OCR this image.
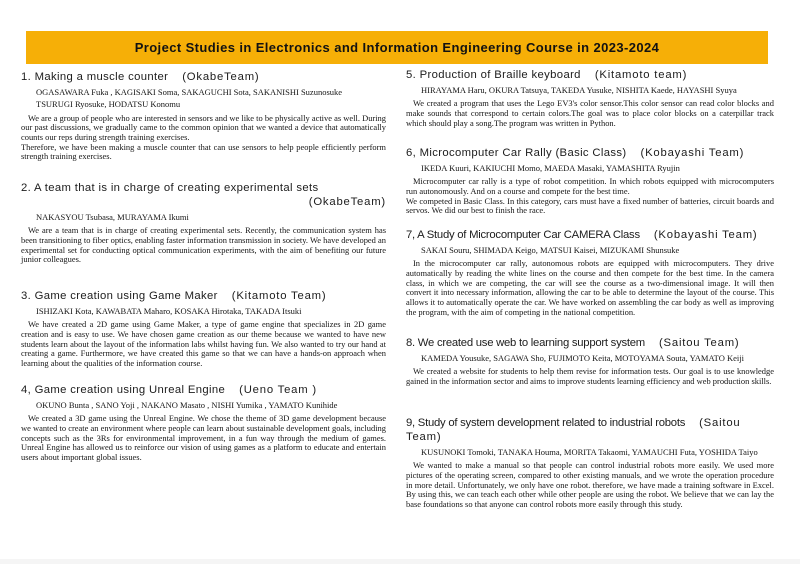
Project Studies in Electronics and Information Engineering Course in 2023-2024
1. Making a muscle counter (OkabeTeam)
OGASAWARA Fuka , KAGISAKI Soma, SAKAGUCHI Sota, SAKANISHI Suzunosuke
TSURUGI Ryosuke, HODATSU Konomu

We are a group of people who are interested in sensors and we like to be physically active as well. During our past discussions, we gradually came to the common opinion that we wanted a device that automatically counts our reps during strength training exercises.

Therefore, we have been making a muscle counter that can use sensors to help people efficiently perform strength training exercises.

2. A team that is in charge of creating experimental sets
(OkabeTeam)
NAKASYOU Tsubasa, MURAYAMA Ikumi

We are a team that is in charge of creating experimental sets. Recently, the communication system has been transitioning to fiber optics, enabling faster information transmission in society. We have developed an experimental set for conducting optical communication experiments, with the aim of benefiting our future junior colleagues.

3. Game creation using Game Maker (Kitamoto Team)
ISHIZAKI Kota, KAWABATA Maharo, KOSAKA Hirotaka, TAKADA Itsuki

We have created a 2D game using Game Maker, a type of game engine that specializes in 2D game creation and is easy to use. We have chosen game creation as our theme because we wanted to have new students learn about the layout of the information labs whilst having fun. We also wanted to try our hand at creating a game. Furthermore, we have created this game so that we can have a hands-on approach when learning about the qualities of the information course.

4, Game creation using Unreal Engine (Ueno Team )
OKUNO Bunta , SANO Yoji , NAKANO Masato , NISHI Yumika , YAMATO Kunihide

We created a 3D game using the Unreal Engine. We chose the theme of 3D game development because we wanted to create an environment where people can learn about sustainable development goals, including concepts such as the 3Rs for environmental improvement, in a fun way through the medium of games. Unreal Engine has allowed us to reinforce our vision of using games as a platform to educate and entertain users about important global issues.

5. Production of Braille keyboard (Kitamoto team)
HIRAYAMA Haru, OKURA Tatsuya, TAKEDA Yusuke, NISHITA Kaede, HAYASHI Syuya

We created a program that uses the Lego EV3's color sensor.This color sensor can read color blocks and make sounds that correspond to certain colors.The goal was to place color blocks on a caterpillar track which should play a song.The program was written in Python.

6, Microcomputer Car Rally (Basic Class) (Kobayashi Team)
IKEDA Kuuri, KAKIUCHI Momo, MAEDA Masaki, YAMASHITA Ryujin

Microcomputer car rally is a type of robot competition. In which robots equipped with microcomputers run autonomously. And on a course and compete for the best time.

We competed in Basic Class. In this category, cars must have a fixed number of batteries, circuit boards and servos. We did our best to finish the race.

7, A Study of Microcomputer Car CAMERA Class (Kobayashi Team)
SAKAI Souru, SHIMADA Keigo, MATSUI Kaisei, MIZUKAMI Shunsuke

In the microcomputer car rally, autonomous robots are equipped with microcomputers. They drive automatically by reading the white lines on the course and then compete for the best time. In the camera class, in which we are competing, the car will see the course as a two-dimensional image. It will then convert it into necessary information, allowing the car to be able to determine the layout of the course. This allows it to automatically operate the car. We have worked on assembling the car body as well as improving the program, with the aim of competing in the national competition.

8. We created use web to learning support system (Saitou Team)
KAMEDA Yousuke, SAGAWA Sho, FUJIMOTO Keita, MOTOYAMA Souta, YAMATO Keiji

We created a website for students to help them revise for information tests. Our goal is to use knowledge gained in the information sector and aims to improve students learning efficiency and web production skills.

9, Study of system development related to industrial robots (Saitou Team)
KUSUNOKI Tomoki, TANAKA Houma, MORITA Takaomi, YAMAUCHI Futa, YOSHIDA Taiyo

We wanted to make a manual so that people can control industrial robots more easily. We used more pictures of the operating screen, compared to other existing manuals, and we wrote the operation procedure in more detail. Unfortunately, we only have one robot. therefore, we have made a training software in Excel. By using this, we can teach each other while other people are using the robot. We believe that we can lay the base foundations so that anyone can control robots more easily through this study.
